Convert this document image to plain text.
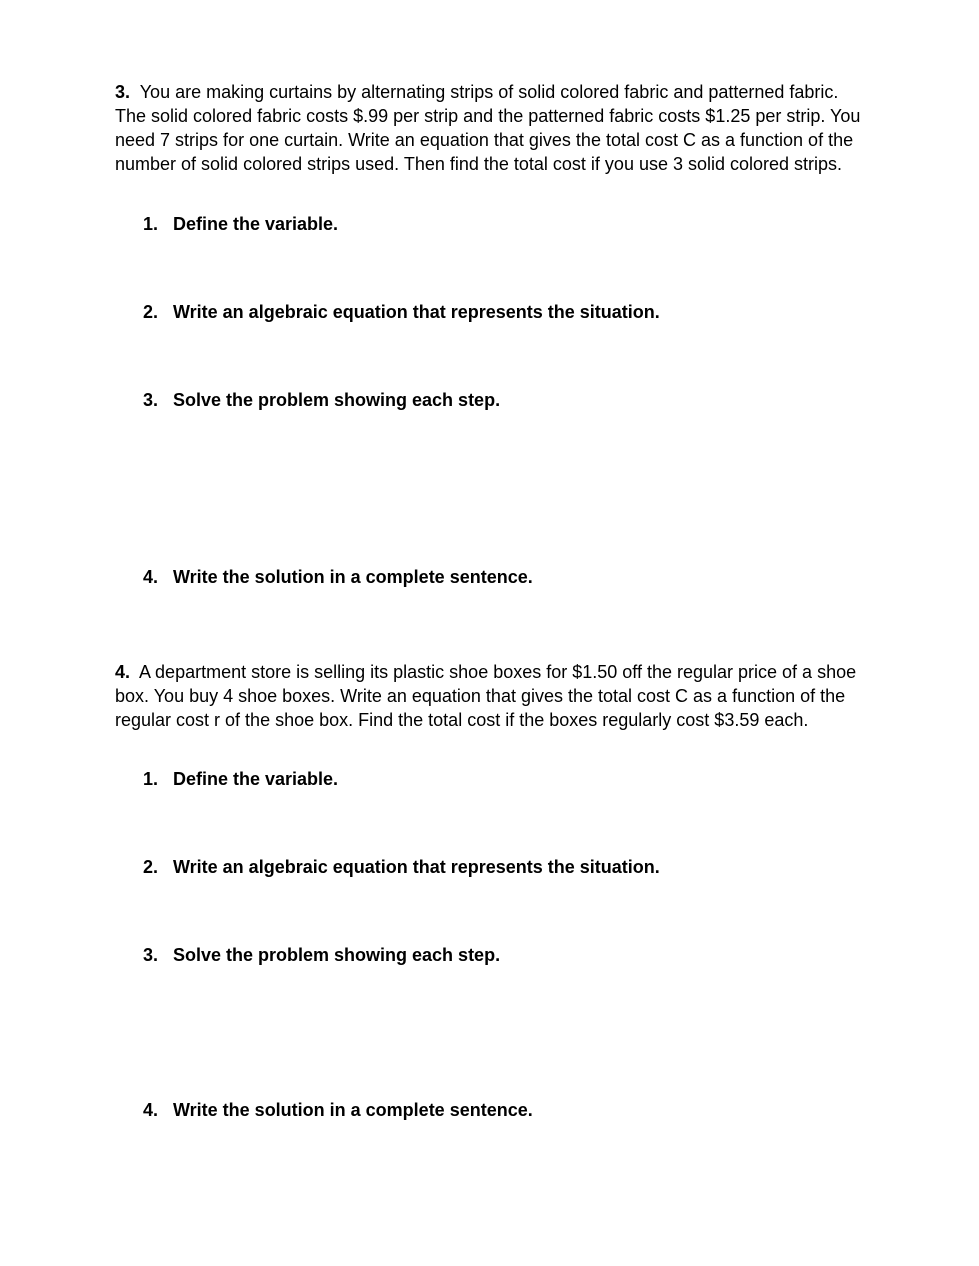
3. You are making curtains by alternating strips of solid colored fabric and patterned fabric. The solid colored fabric costs $.99 per strip and the patterned fabric costs $1.25 per strip. You need 7 strips for one curtain. Write an equation that gives the total cost C as a function of the number of solid colored strips used. Then find the total cost if you use 3 solid colored strips.
1. Define the variable.
2. Write an algebraic equation that represents the situation.
3. Solve the problem showing each step.
4. Write the solution in a complete sentence.
4. A department store is selling its plastic shoe boxes for $1.50 off the regular price of a shoe box. You buy 4 shoe boxes. Write an equation that gives the total cost C as a function of the regular cost r of the shoe box. Find the total cost if the boxes regularly cost $3.59 each.
1. Define the variable.
2. Write an algebraic equation that represents the situation.
3. Solve the problem showing each step.
4. Write the solution in a complete sentence.
